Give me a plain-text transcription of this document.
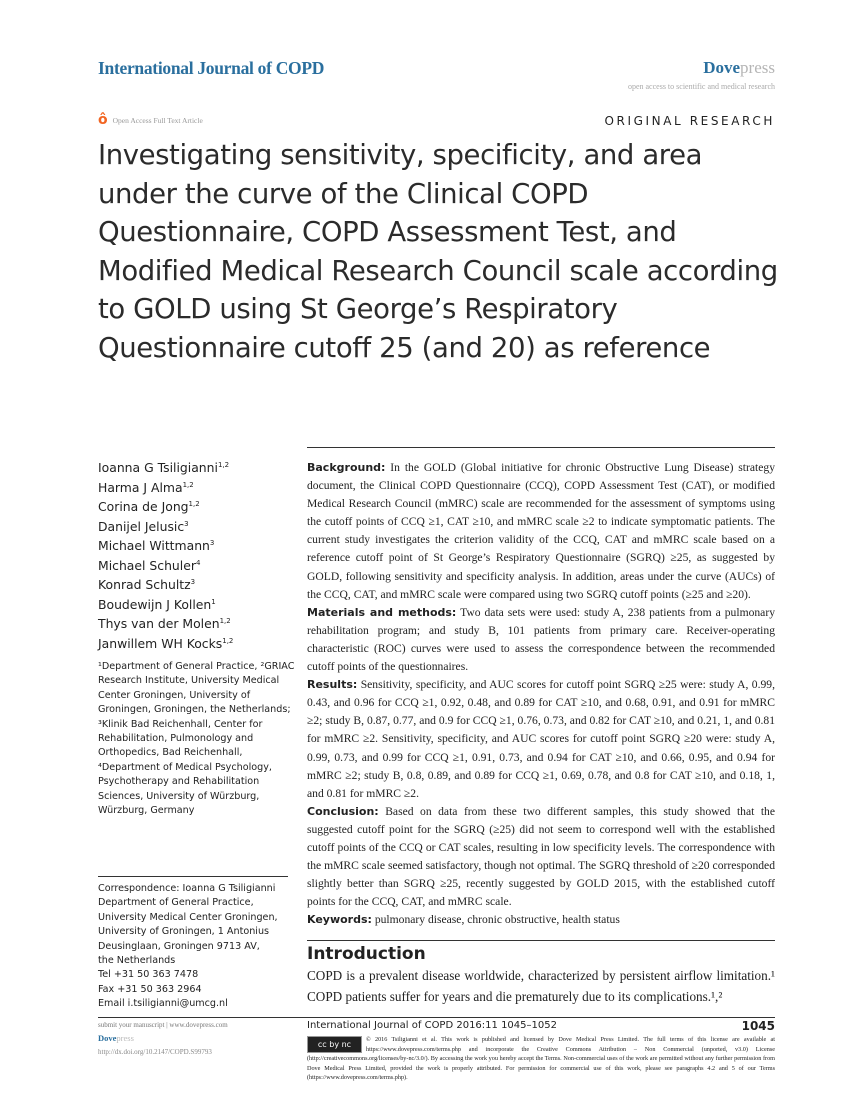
International Journal of COPD	Dovepress
open access to scientific and medical research
ô Open Access Full Text Article	ORIGINAL RESEARCH
Investigating sensitivity, specificity, and area under the curve of the Clinical COPD Questionnaire, COPD Assessment Test, and Modified Medical Research Council scale according to GOLD using St George’s Respiratory Questionnaire cutoff 25 (and 20) as reference
Ioanna G Tsiligianni$^{1,2}$
Harma J Alma$^{1,2}$
Corina de Jong$^{1,2}$
Danijel Jelusic$^3$
Michael Wittmann$^3$
Michael Schuler$^4$
Konrad Schultz$^3$
Boudewijn J Kollen$^1$
Thys van der Molen$^{1,2}$
Janwillem WH Kocks$^{1,2}$
¹Department of General Practice, ²GRIAC Research Institute, University Medical Center Groningen, University of Groningen, Groningen, the Netherlands; ³Klinik Bad Reichenhall, Center for Rehabilitation, Pulmonology and Orthopedics, Bad Reichenhall, ⁴Department of Medical Psychology, Psychotherapy and Rehabilitation Sciences, University of Würzburg, Würzburg, Germany
Correspondence: Ioanna G Tsiligianni
Department of General Practice,
University Medical Center Groningen,
University of Groningen, 1 Antonius
Deusinglaan, Groningen 9713 AV,
the Netherlands
Tel +31 50 363 7478
Fax +31 50 363 2964
Email i.tsiligianni@umcg.nl

Background: In the GOLD (Global initiative for chronic Obstructive Lung Disease) strategy document, the Clinical COPD Questionnaire (CCQ), COPD Assessment Test (CAT), or modified Medical Research Council (mMRC) scale are recommended for the assessment of symptoms using the cutoff points of CCQ ≥1, CAT ≥10, and mMRC scale ≥2 to indicate symptomatic patients. The current study investigates the criterion validity of the CCQ, CAT and mMRC scale based on a reference cutoff point of St George’s Respiratory Questionnaire (SGRQ) ≥25, as suggested by GOLD, following sensitivity and specificity analysis. In addition, areas under the curve (AUCs) of the CCQ, CAT, and mMRC scale were compared using two SGRQ cutoff points (≥25 and ≥20).

Materials and methods: Two data sets were used: study A, 238 patients from a pulmonary rehabilitation program; and study B, 101 patients from primary care. Receiver-operating characteristic (ROC) curves were used to assess the correspondence between the recommended cutoff points of the questionnaires.

Results: Sensitivity, specificity, and AUC scores for cutoff point SGRQ ≥25 were: study A, 0.99, 0.43, and 0.96 for CCQ ≥1, 0.92, 0.48, and 0.89 for CAT ≥10, and 0.68, 0.91, and 0.91 for mMRC ≥2; study B, 0.87, 0.77, and 0.9 for CCQ ≥1, 0.76, 0.73, and 0.82 for CAT ≥10, and 0.21, 1, and 0.81 for mMRC ≥2. Sensitivity, specificity, and AUC scores for cutoff point SGRQ ≥20 were: study A, 0.99, 0.73, and 0.99 for CCQ ≥1, 0.91, 0.73, and 0.94 for CAT ≥10, and 0.66, 0.95, and 0.94 for mMRC ≥2; study B, 0.8, 0.89, and 0.89 for CCQ ≥1, 0.69, 0.78, and 0.8 for CAT ≥10, and 0.18, 1, and 0.81 for mMRC ≥2.

Conclusion: Based on data from these two different samples, this study showed that the suggested cutoff point for the SGRQ (≥25) did not seem to correspond well with the established cutoff points of the CCQ or CAT scales, resulting in low specificity levels. The correspondence with the mMRC scale seemed satisfactory, though not optimal. The SGRQ threshold of ≥20 corresponded slightly better than SGRQ ≥25, recently suggested by GOLD 2015, with the established cutoff points for the CCQ, CAT, and mMRC scale.

Keywords: pulmonary disease, chronic obstructive, health status

Introduction

COPD is a prevalent disease worldwide, characterized by persistent airflow limitation.¹ COPD patients suffer for years and die prematurely due to its complications.¹,²

submit your manuscript | www.dovepress.com
Dovepress
http://dx.doi.org/10.2147/COPD.S99793
International Journal of COPD 2016:11 1045–1052	1045
cc by nc
© 2016 Tsiligianni et al. This work is published and licensed by Dove Medical Press Limited. The full terms of this license are available at https://www.dovepress.com/terms.php and incorporate the Creative Commons Attribution – Non Commercial (unported, v3.0) License (http://creativecommons.org/licenses/by-nc/3.0/). By accessing the work you hereby accept the Terms. Non-commercial uses of the work are permitted without any further permission from Dove Medical Press Limited, provided the work is properly attributed. For permission for commercial use of this work, please see paragraphs 4.2 and 5 of our Terms (https://www.dovepress.com/terms.php).
